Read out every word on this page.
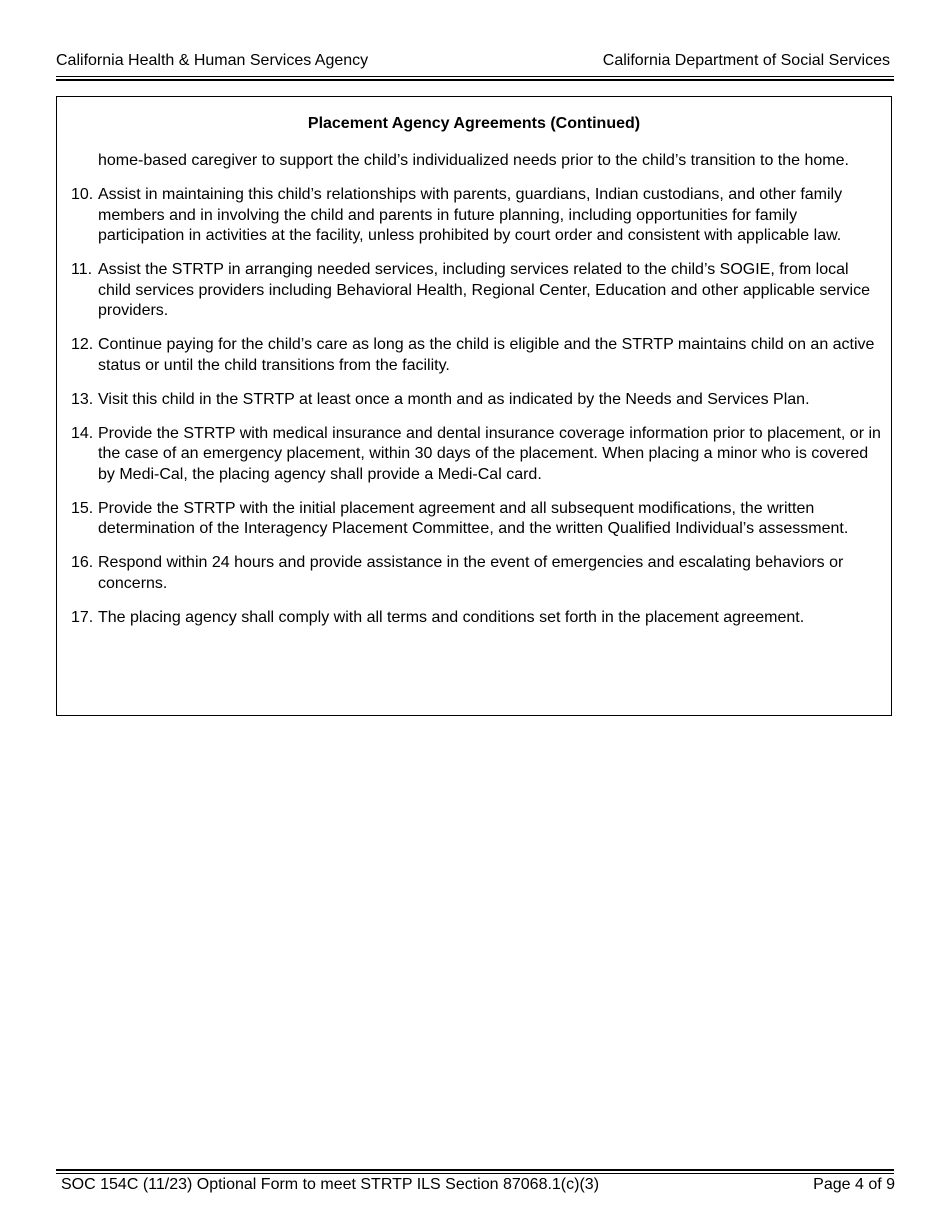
California Health & Human Services Agency	California Department of Social Services
Placement Agency Agreements (Continued)

home-based caregiver to support the child’s individualized needs prior to the child’s transition to the home.

10. Assist in maintaining this child’s relationships with parents, guardians, Indian custodians, and other family members and in involving the child and parents in future planning, including opportunities for family participation in activities at the facility, unless prohibited by court order and consistent with applicable law.
11. Assist the STRTP in arranging needed services, including services related to the child’s SOGIE, from local child services providers including Behavioral Health, Regional Center, Education and other applicable service providers.
12. Continue paying for the child’s care as long as the child is eligible and the STRTP maintains child on an active status or until the child transitions from the facility.
13. Visit this child in the STRTP at least once a month and as indicated by the Needs and Services Plan.
14. Provide the STRTP with medical insurance and dental insurance coverage information prior to placement, or in the case of an emergency placement, within 30 days of the placement. When placing a minor who is covered by Medi-Cal, the placing agency shall provide a Medi-Cal card.
15. Provide the STRTP with the initial placement agreement and all subsequent modifications, the written determination of the Interagency Placement Committee, and the written Qualified Individual’s assessment.
16. Respond within 24 hours and provide assistance in the event of emergencies and escalating behaviors or concerns.
17. The placing agency shall comply with all terms and conditions set forth in the placement agreement.
SOC 154C (11/23) Optional Form to meet STRTP ILS Section 87068.1(c)(3)	Page 4 of 9
